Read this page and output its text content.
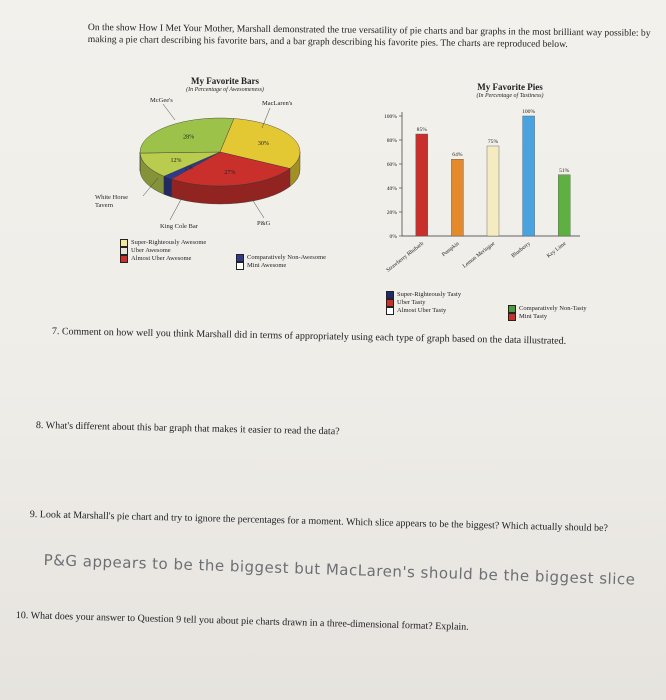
On the show How I Met Your Mother, Marshall demonstrated the true versatility of pie charts and bar graphs in the most brilliant way possible: by making a pie chart describing his favorite bars, and a bar graph describing his favorite pies. The charts are reproduced below.
My Favorite Bars
(In Percentage of Awesomeness)
30%
27%
2%
12%
28%
McGee's	MacLaren's
White Horse Tavern
King Cole Bar	P&G
Super-Righteously Awesome
Uber Awesome
Almost Uber Awesome	Comparatively Non-Awesome
Mini Awesome
My Favorite Pies
(In Percentage of Tastiness)
0%
20%
40%
60%
80%
100%
85%
Strawberry Rhubarb
64%
Pumpkin
75%
Lemon Meringue
100%
Blueberry
51%
Key Lime
Super-Righteously Tasty
Uber Tasty
Almost Uber Tasty	Comparatively Non-Tasty
Mini Tasty
7. Comment on how well you think Marshall did in terms of appropriately using each type of graph based on the data illustrated.
8. What's different about this bar graph that makes it easier to read the data?
9. Look at Marshall's pie chart and try to ignore the percentages for a moment. Which slice appears to be the biggest? Which actually should be?
P&G appears to be the biggest but MacLaren's should be the biggest slice
10. What does your answer to Question 9 tell you about pie charts drawn in a three-dimensional format? Explain.
